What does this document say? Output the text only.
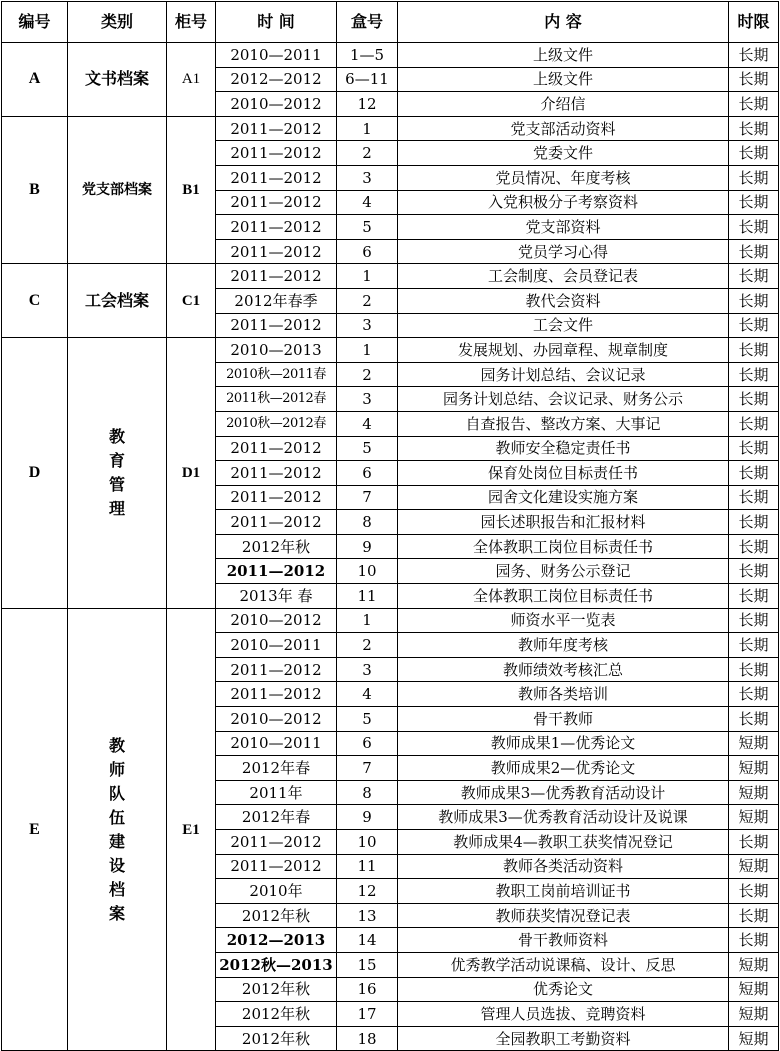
编号	类别	柜号	时 间	盒号	内 容	时限
A	文书档案	A1	2010—2011	1—5	上级文件	长期
			2012—2012	6—11	上级文件	长期
			2010—2012	12	介绍信	长期
B	党支部档案	B1	2011—2012	1	党支部活动资料	长期
			2011—2012	2	党委文件	长期
			2011—2012	3	党员情况、年度考核	长期
			2011—2012	4	入党积极分子考察资料	长期
			2011—2012	5	党支部资料	长期
			2011—2012	6	党员学习心得	长期
C	工会档案	C1	2011—2012	1	工会制度、会员登记表	长期
			2012年春季	2	教代会资料	长期
			2011—2012	3	工会文件	长期
D	教育管理	D1	2010—2013	1	发展规划、办园章程、规章制度	长期
			2010秋—2011春	2	园务计划总结、会议记录	长期
			2011秋—2012春	3	园务计划总结、会议记录、财务公示	长期
			2010秋—2012春	4	自查报告、整改方案、大事记	长期
			2011—2012	5	教师安全稳定责任书	长期
			2011—2012	6	保育处岗位目标责任书	长期
			2011—2012	7	园舍文化建设实施方案	长期
			2011—2012	8	园长述职报告和汇报材料	长期
			2012年秋	9	全体教职工岗位目标责任书	长期
			2011—2012	10	园务、财务公示登记	长期
			2013年 春	11	全体教职工岗位目标责任书	长期
E	教师队伍建设档案	E1	2010—2012	1	师资水平一览表	长期
			2010—2011	2	教师年度考核	长期
			2011—2012	3	教师绩效考核汇总	长期
			2011—2012	4	教师各类培训	长期
			2010—2012	5	骨干教师	长期
			2010—2011	6	教师成果1—优秀论文	短期
			2012年春	7	教师成果2—优秀论文	短期
			2011年	8	教师成果3—优秀教育活动设计	短期
			2012年春	9	教师成果3—优秀教育活动设计及说课	短期
			2011—2012	10	教师成果4—教职工获奖情况登记	长期
			2011—2012	11	教师各类活动资料	短期
			2010年	12	教职工岗前培训证书	长期
			2012年秋	13	教师获奖情况登记表	长期
			2012—2013	14	骨干教师资料	长期
			2012秋—2013	15	优秀教学活动说课稿、设计、反思	短期
			2012年秋	16	优秀论文	短期
			2012年秋	17	管理人员选拔、竞聘资料	短期
			2012年秋	18	全园教职工考勤资料	短期
